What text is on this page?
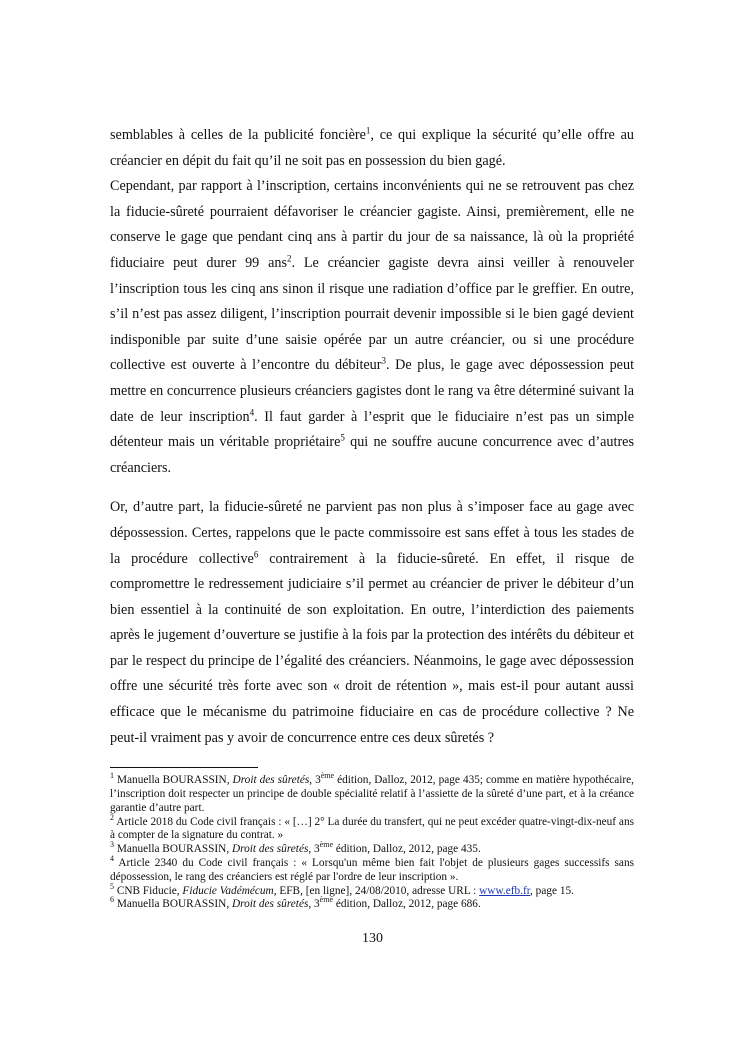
semblables à celles de la publicité foncière$^1$, ce qui explique la sécurité qu’elle offre au créancier en dépit du fait qu’il ne soit pas en possession du bien gagé.

Cependant, par rapport à l’inscription, certains inconvénients qui ne se retrouvent pas chez la fiducie-sûreté pourraient défavoriser le créancier gagiste. Ainsi, premièrement, elle ne conserve le gage que pendant cinq ans à partir du jour de sa naissance, là où la propriété fiduciaire peut durer 99 ans$^2$. Le créancier gagiste devra ainsi veiller à renouveler l’inscription tous les cinq ans sinon il risque une radiation d’office par le greffier. En outre, s’il n’est pas assez diligent, l’inscription pourrait devenir impossible si le bien gagé devient indisponible par suite d’une saisie opérée par un autre créancier, ou si une procédure collective est ouverte à l’encontre du débiteur$^3$. De plus, le gage avec dépossession peut mettre en concurrence plusieurs créanciers gagistes dont le rang va être déterminé suivant la date de leur inscription$^4$. Il faut garder à l’esprit que le fiduciaire n’est pas un simple détenteur mais un véritable propriétaire$^5$ qui ne souffre aucune concurrence avec d’autres créanciers.

Or, d’autre part, la fiducie-sûreté ne parvient pas non plus à s’imposer face au gage avec dépossession. Certes, rappelons que le pacte commissoire est sans effet à tous les stades de la procédure collective$^6$ contrairement à la fiducie-sûreté. En effet, il risque de compromettre le redressement judiciaire s’il permet au créancier de priver le débiteur d’un bien essentiel à la continuité de son exploitation. En outre, l’interdiction des paiements après le jugement d’ouverture se justifie à la fois par la protection des intérêts du débiteur et par le respect du principe de l’égalité des créanciers. Néanmoins, le gage avec dépossession offre une sécurité très forte avec son « droit de rétention », mais est-il pour autant aussi efficace que le mécanisme du patrimoine fiduciaire en cas de procédure collective ? Ne peut-il vraiment pas y avoir de concurrence entre ces deux sûretés ?

$^1$ Manuella BOURASSIN, Droit des sûretés, 3ème édition, Dalloz, 2012, page 435; comme en matière hypothécaire, l’inscription doit respecter un principe de double spécialité relatif à l’assiette de la sûreté d’une part, et à la créance garantie d’autre part.

$^2$ Article 2018 du Code civil français : « […] 2° La durée du transfert, qui ne peut excéder quatre-vingt-dix-neuf ans à compter de la signature du contrat. »

$^3$ Manuella BOURASSIN, Droit des sûretés, 3ème édition, Dalloz, 2012, page 435.

$^4$ Article 2340 du Code civil français : « Lorsqu'un même bien fait l'objet de plusieurs gages successifs sans dépossession, le rang des créanciers est réglé par l'ordre de leur inscription ».

$^5$ CNB Fiducie, Fiducie Vadémécum, EFB, [en ligne], 24/08/2010, adresse URL : www.efb.fr, page 15.

$^6$ Manuella BOURASSIN, Droit des sûretés, 3ème édition, Dalloz, 2012, page 686.

130
